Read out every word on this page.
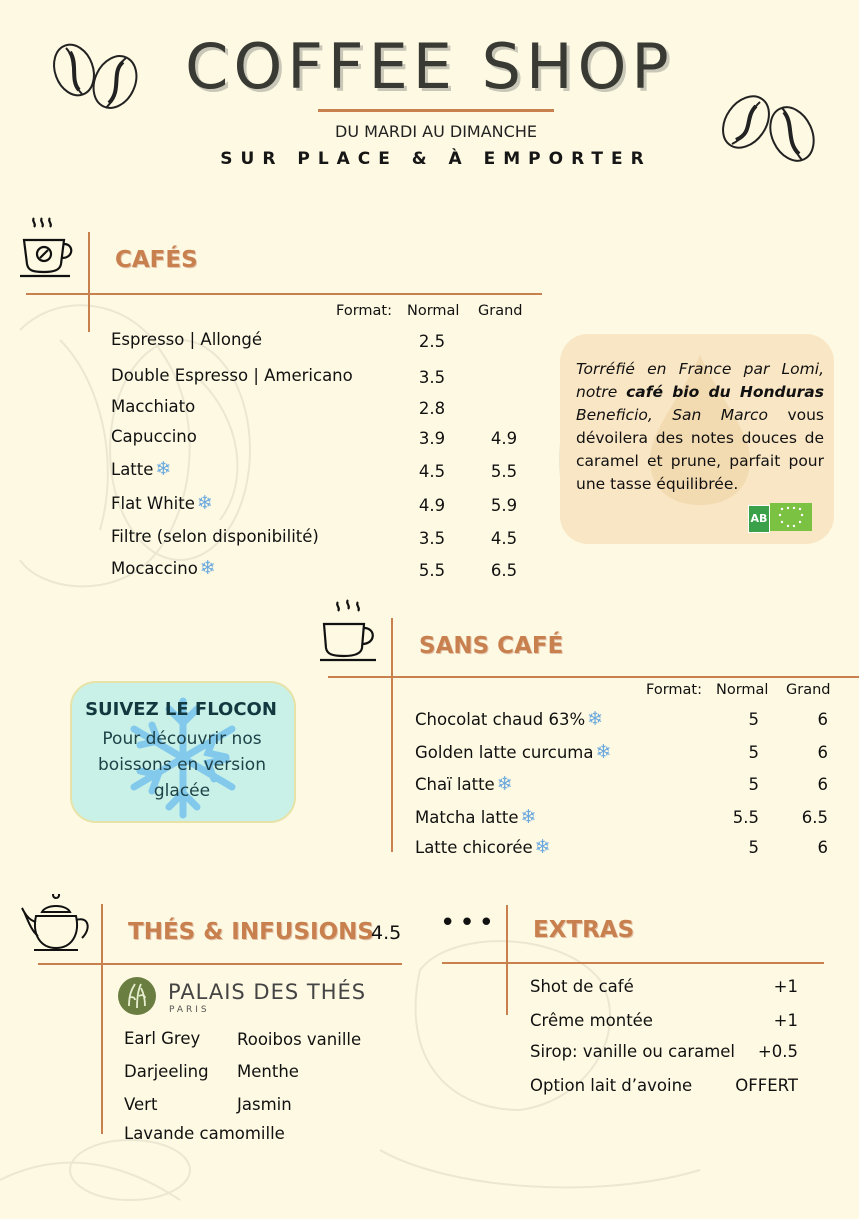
COFFEE SHOP
DU MARDI AU DIMANCHE
SUR PLACE & À EMPORTER
CAFÉS
Format: Normal Grand
Espresso | Allongé	2.5
Double Espresso | Americano	3.5
Macchiato	2.8
Capuccino	3.9	4.9
Latte ❄	4.5	5.5
Flat White ❄	4.9	5.9
Filtre (selon disponibilité)	3.5	4.5
Mocaccino ❄	5.5	6.5
Torréfié en France par Lomi, notre café bio du Honduras Beneficio, San Marco vous dévoilera des notes douces de caramel et prune, parfait pour une tasse équilibrée.
AB
SANS CAFÉ
Format: Normal Grand
Chocolat chaud 63% ❄	5	6
Golden latte curcuma ❄	5	6
Chaï latte ❄	5	6
Matcha latte ❄	5.5	6.5
Latte chicorée ❄	5	6
SUIVEZ LE FLOCON
Pour découvrir nos boissons en version glacée
THÉS & INFUSIONS
4.5
PALAIS DES THÉS
PARIS
Earl Grey
Darjeeling
Vert
Lavande camomille
Rooibos vanille
Menthe
Jasmin
••• EXTRAS
Shot de café	+1
Crême montée	+1
Sirop: vanille ou caramel	+0.5
Option lait d’avoine	OFFERT
